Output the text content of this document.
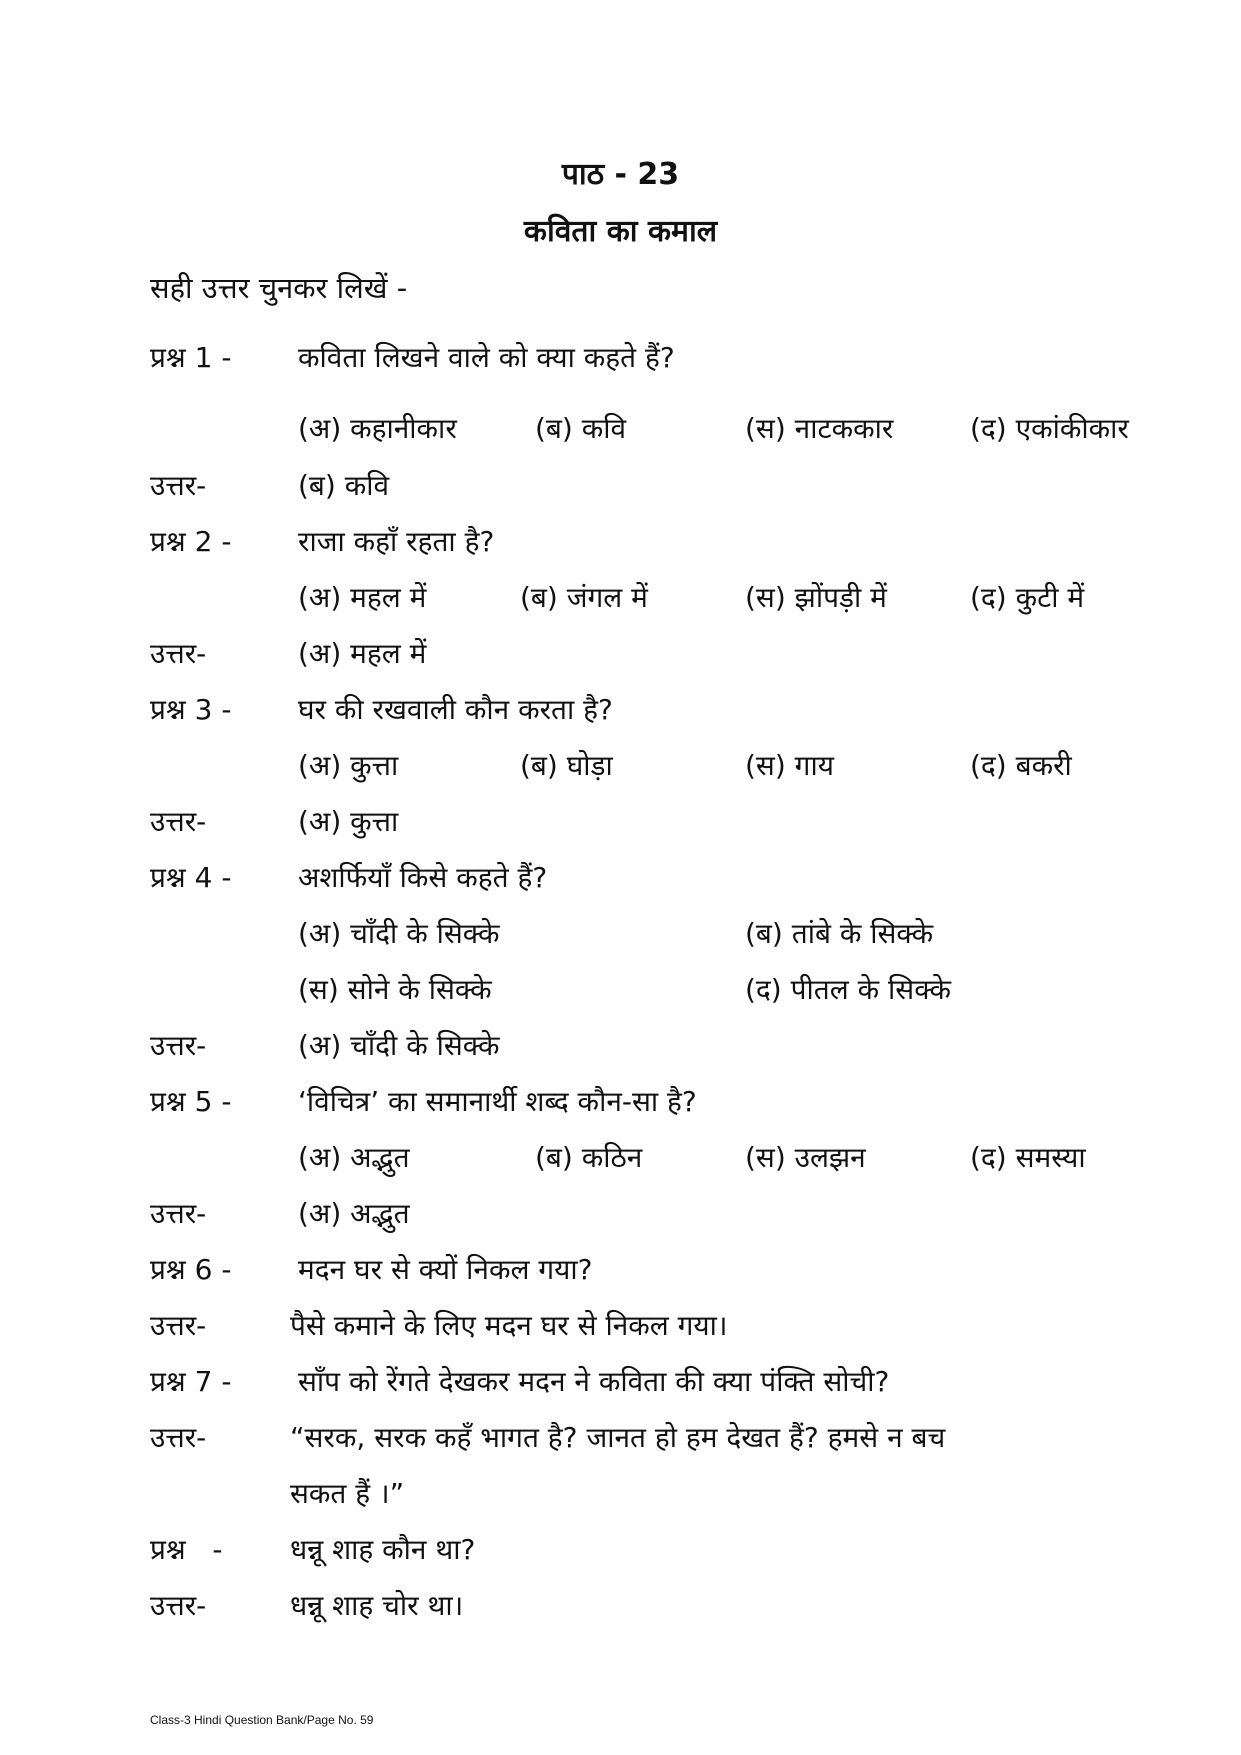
पाठ - 23
कविता का कमाल
सही उत्तर चुनकर लिखें -
प्रश्न 1 - कविता लिखने वाले को क्या कहते हैं?
(अ) कहानीकार	(ब) कवि	(स) नाटककार	(द) एकांकीकार
उत्तर-	(ब) कवि
प्रश्न 2 - राजा कहाँ रहता है?
(अ) महल में	(ब) जंगल में	(स) झोंपड़ी में	(द) कुटी में
उत्तर-	(अ) महल में
प्रश्न 3 - घर की रखवाली कौन करता है?
(अ) कुत्ता	(ब) घोड़ा	(स) गाय	(द) बकरी
उत्तर-	(अ) कुत्ता
प्रश्न 4 - अशर्फियाँ किसे कहते हैं?
(अ) चाँदी के सिक्के	(ब) तांबे के सिक्के
(स) सोने के सिक्के	(द) पीतल के सिक्के
उत्तर-	(अ) चाँदी के सिक्के
प्रश्न 5 - ‘विचित्र’ का समानार्थी शब्द कौन-सा है?
(अ) अद्भुत	(ब) कठिन	(स) उलझन	(द) समस्या
उत्तर-	(अ) अद्भुत
प्रश्न 6 - मदन घर से क्यों निकल गया?
उत्तर-	पैसे कमाने के लिए मदन घर से निकल गया।
प्रश्न 7 - साँप को रेंगते देखकर मदन ने कविता की क्या पंक्ति सोची?
उत्तर-	“सरक, सरक कहँ भागत है? जानत हो हम देखत हैं? हमसे न बच
सकत हैं ।”
प्रश्न   - धन्नू शाह कौन था?
उत्तर-	धन्नू शाह चोर था।
Class-3 Hindi Question Bank/Page No. 59
